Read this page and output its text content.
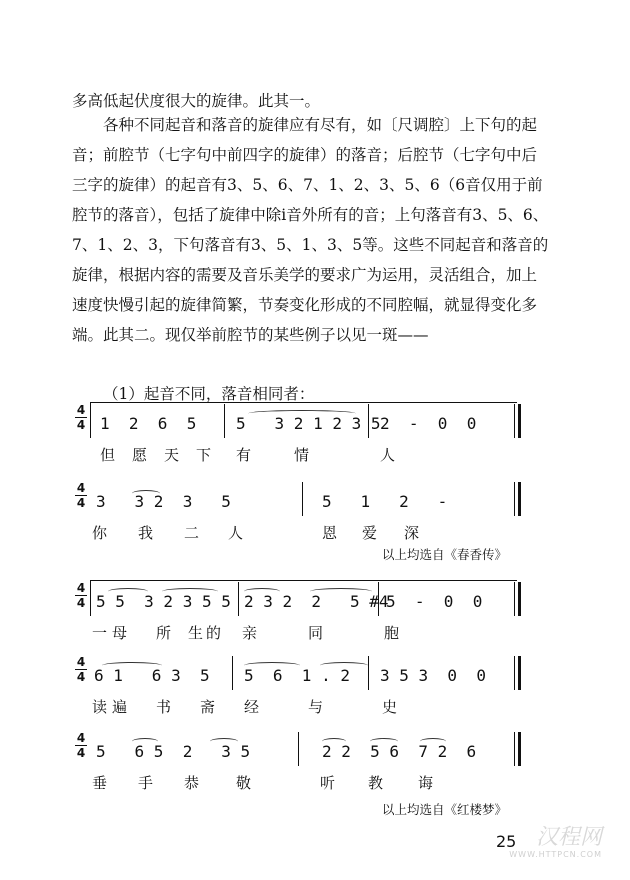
多高低起伏度很大的旋律。此其一。

各种不同起音和落音的旋律应有尽有，如〔尺调腔〕上下句的起音；前腔节（七字句中前四字的旋律）的落音；后腔节（七字句中后三字的旋律）的起音有3、5、6、7、1、2、3、5、6（6音仅用于前腔节的落音），包括了旋律中除i音外所有的音；上句落音有3、5、6、7、1、2、3，下句落音有3、5、1、3、5等。这些不同起音和落音的旋律，根据内容的需要及音乐美学的要求广为运用，灵活组合，加上速度快慢引起的旋律简繁，节奏变化形成的不同腔幅，就显得变化多端。此其二。现仅举前腔节的某些例子以见一斑——

（1）起音不同，落音相同者：
4
4 1  2  6  5 5   3 2 1 2 3 5 2  -  0  0
但 愿 天 下 有	情	人
4
4 3   3 2  3   5	5   1   2   -
你 我 二 人	恩 爱 深
以上均选自《春香传》
4
4 5 5  3 2 3 5 5 2 3 2  2   5 #4
5  -  0  0
一 母 所 生 的 亲	同	胞
4
4 6 1   6 3  5 5  6  1 . 2 3 5 3  0  0
读 遍 书 斋 经	与	史
4
4 5   6 5  2   3 5	2 2  5 6  7 2  6
垂 手 恭 敬	听 教 诲
以上均选自《红楼梦》
25 汉程网
WWW.HTTPCN.COM
